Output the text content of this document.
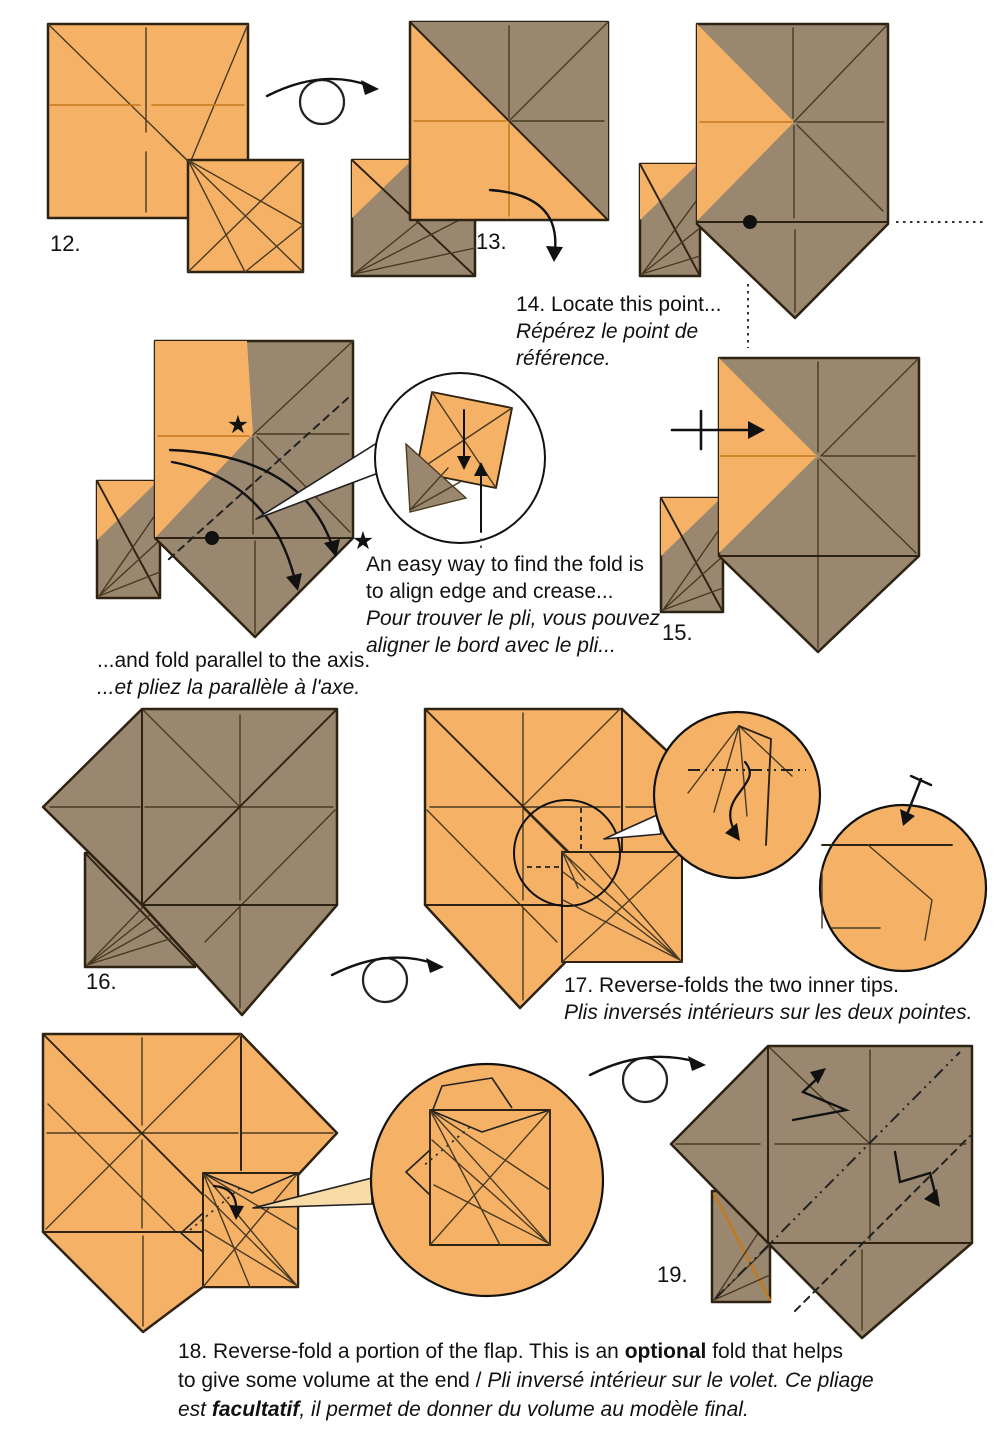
★
★
12.	13.
14. Locate this point...
Répérez le point de
référence.
An easy way to find the fold is
to align edge and crease...
Pour trouver le pli, vous pouvez
aligner le bord avec le pli...
...and fold parallel to the axis.
...et pliez la parallèle à l'axe.
15.
16.	17. Reverse-folds the two inner tips.
Plis inversés intérieurs sur les deux pointes.
19.
18. Reverse-fold a portion of the flap. This is an optional fold that helps
to give some volume at the end / Pli inversé intérieur sur le volet. Ce pliage
est facultatif, il permet de donner du volume au modèle final.
